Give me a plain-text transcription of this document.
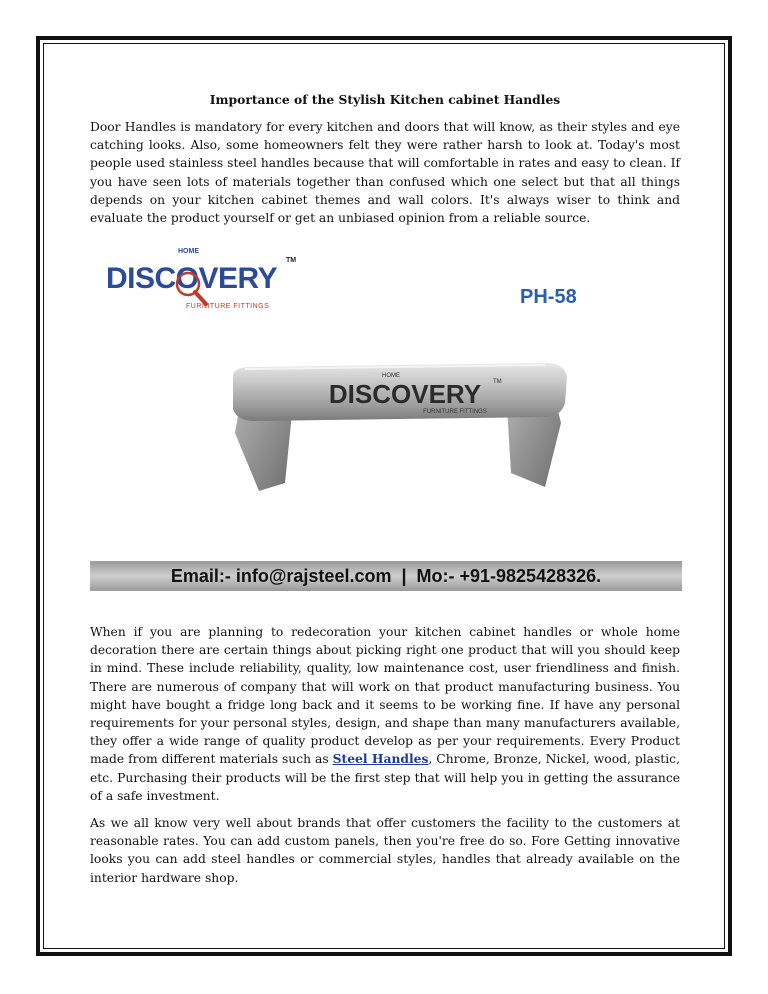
Importance of the Stylish Kitchen cabinet Handles

Door Handles is mandatory for every kitchen and doors that will know, as their styles and eye catching looks. Also, some homeowners felt they were rather harsh to look at. Today's most people used stainless steel handles because that will comfortable in rates and easy to clean. If you have seen lots of materials together than confused which one select but that all things depends on your kitchen cabinet themes and wall colors. It's always wiser to think and evaluate the product yourself or get an unbiased opinion from a reliable source.

HOME
DISCOVERY
TM
FURNITURE FITTINGS	PH-58
DISCOVERY
HOME
TM
FURNITURE FITTINGS
Email:- info@rajsteel.com | Mo:- +91-9825428326.

When if you are planning to redecoration your kitchen cabinet handles or whole home decoration there are certain things about picking right one product that will you should keep in mind. These include reliability, quality, low maintenance cost, user friendliness and finish. There are numerous of company that will work on that product manufacturing business. You might have bought a fridge long back and it seems to be working fine. If have any personal requirements for your personal styles, design, and shape than many manufacturers available, they offer a wide range of quality product develop as per your requirements. Every Product made from different materials such as Steel Handles, Chrome, Bronze, Nickel, wood, plastic, etc. Purchasing their products will be the first step that will help you in getting the assurance of a safe investment.

As we all know very well about brands that offer customers the facility to the customers at reasonable rates. You can add custom panels, then you're free do so. Fore Getting innovative looks you can add steel handles or commercial styles, handles that already available on the interior hardware shop.
